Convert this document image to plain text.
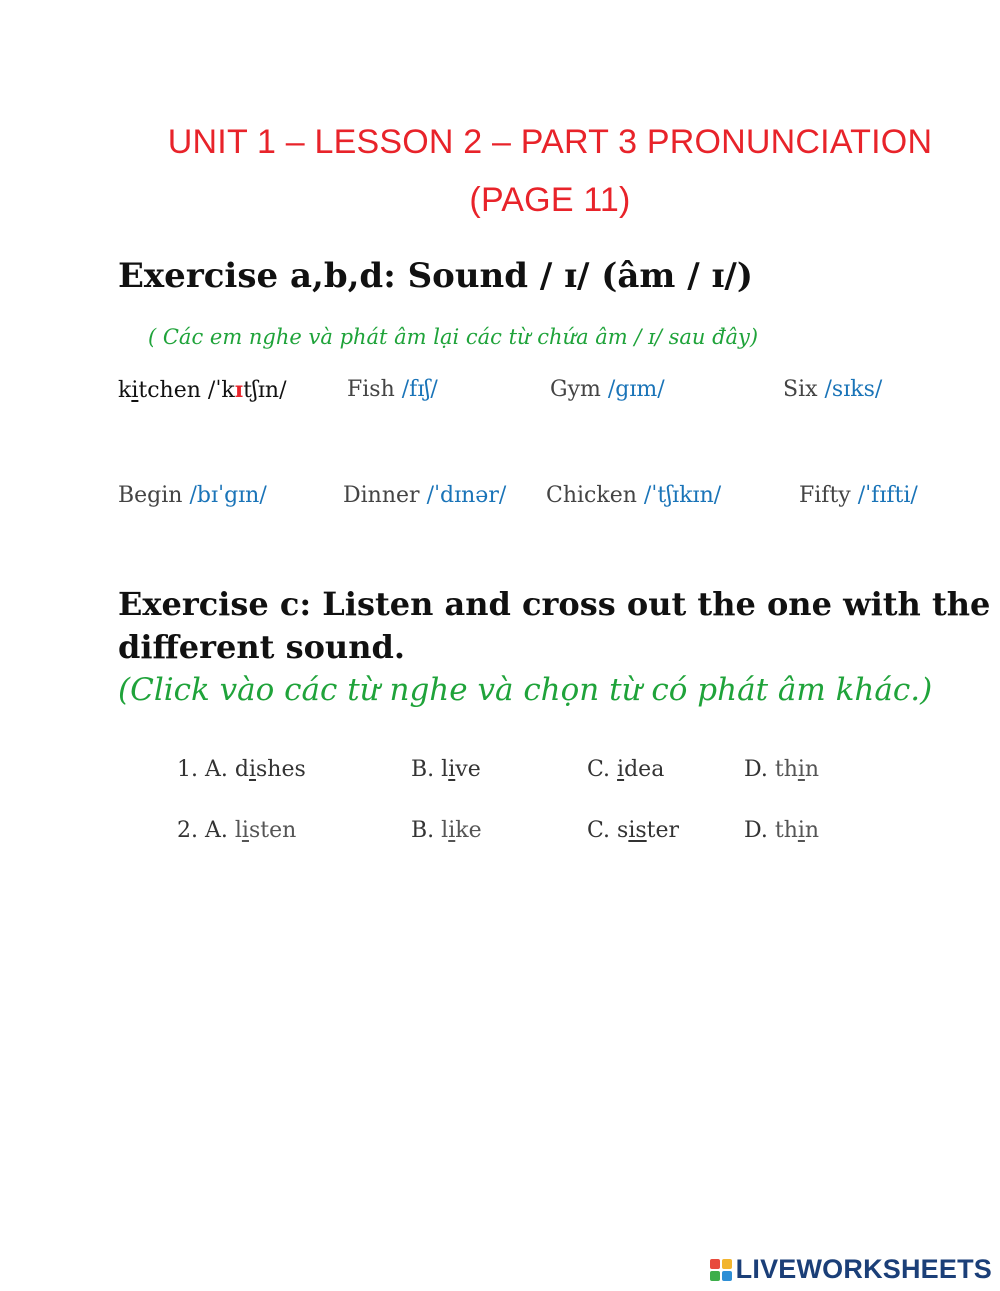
UNIT 1 – LESSON 2 – PART 3 PRONUNCIATION
(PAGE 11)
Exercise a,b,d: Sound / ɪ/ (âm / ɪ/)
( Các em nghe và phát âm lại các từ chứa âm / ɪ/ sau đây)
kitchen /ˈkɪtʃɪn/	Fish /fɪʃ/	Gym /gɪm/	Six /sɪks/
Begin /bɪˈgɪn/	Dinner /ˈdɪnər/ Chicken /ˈtʃɪkɪn/	Fifty /ˈfɪfti/
Exercise c: Listen and cross out the one with the
different sound.
(Click vào các từ nghe và chọn từ có phát âm khác.)
1. A. dishes	B. live	C. idea	D. thin
2. A. listen	B. like	C. sister	D. thin
LIVEWORKSHEETS
